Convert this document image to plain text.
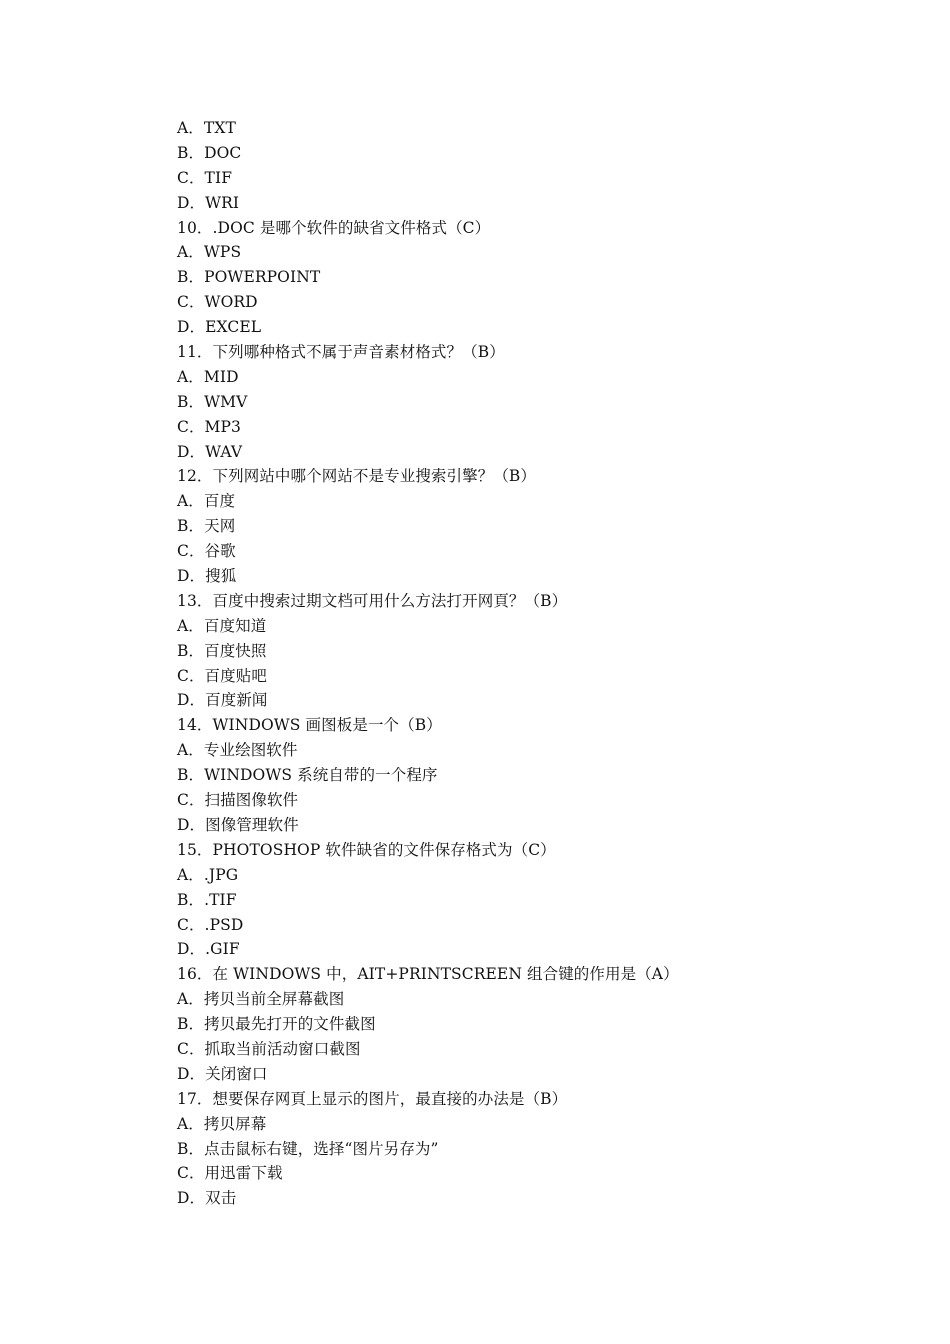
A．TXT
B．DOC
C．TIF
D．WRI
10．.DOC 是哪个软件的缺省文件格式（C）
A．WPS
B．POWERPOINT
C．WORD
D．EXCEL
11．下列哪种格式不属于声音素材格式？（B）
A．MID
B．WMV
C．MP3
D．WAV
12．下列网站中哪个网站不是专业搜索引擎？（B）
A．百度
B．天网
C．谷歌
D．搜狐
13．百度中搜索过期文档可用什么方法打开网頁？（B）
A．百度知道
B．百度快照
C．百度贴吧
D．百度新闻
14．WINDOWS 画图板是一个（B）
A．专业绘图软件
B．WINDOWS 系统自带的一个程序
C．扫描图像软件
D．图像管理软件
15．PHOTOSHOP 软件缺省的文件保存格式为（C）
A．.JPG
B．.TIF
C．.PSD
D．.GIF
16．在 WINDOWS 中，AIT+PRINTSCREEN 组合键的作用是（A）
A．拷贝当前全屏幕截图
B．拷贝最先打开的文件截图
C．抓取当前活动窗口截图
D．关闭窗口
17．想要保存网頁上显示的图片，最直接的办法是（B）
A．拷贝屏幕
B．点击鼠标右键，选择“图片另存为”
C．用迅雷下载
D．双击
